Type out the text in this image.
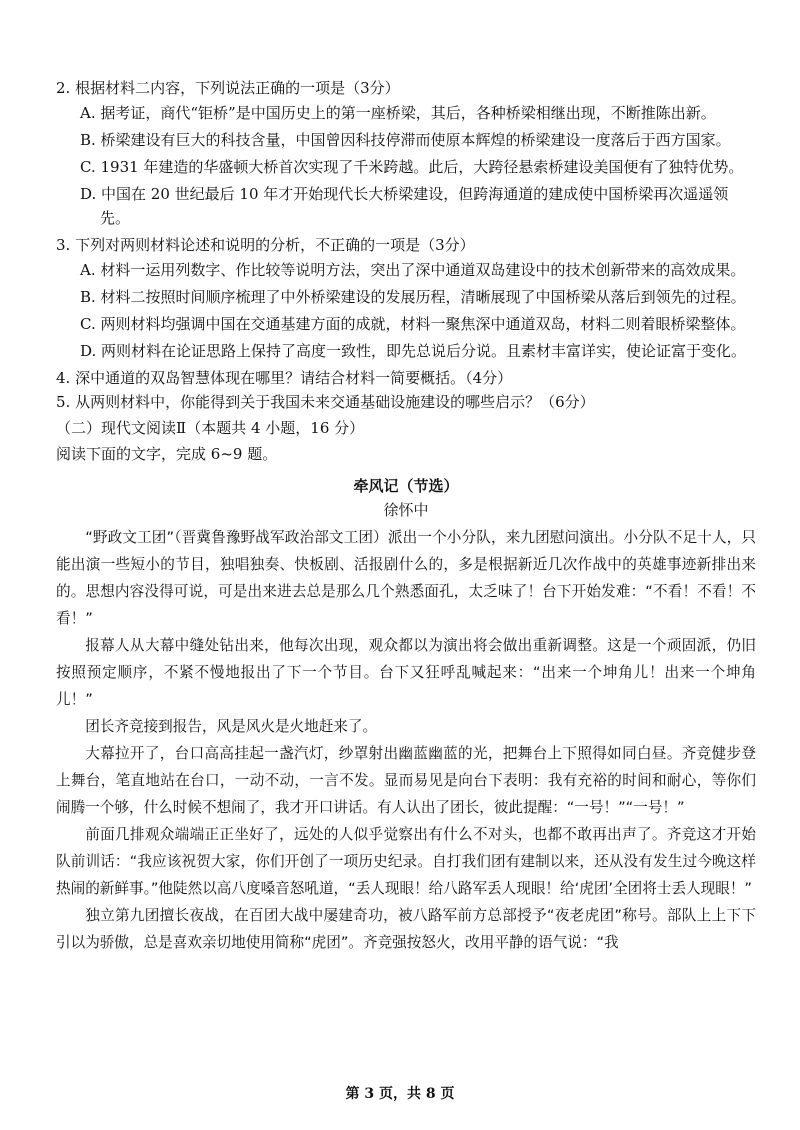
2. 根据材料二内容，下列说法正确的一项是（3分）

A. 据考证，商代“钜桥”是中国历史上的第一座桥梁，其后，各种桥梁相继出现，不断推陈出新。

B. 桥梁建设有巨大的科技含量，中国曾因科技停滞而使原本辉煌的桥梁建设一度落后于西方国家。

C. 1931 年建造的华盛顿大桥首次实现了千米跨越。此后，大跨径悬索桥建设美国便有了独特优势。

D. 中国在 20 世纪最后 10 年才开始现代长大桥梁建设，但跨海通道的建成使中国桥梁再次遥遥领先。

3. 下列对两则材料论述和说明的分析，不正确的一项是（3分）

A. 材料一运用列数字、作比较等说明方法，突出了深中通道双岛建设中的技术创新带来的高效成果。

B. 材料二按照时间顺序梳理了中外桥梁建设的发展历程，清晰展现了中国桥梁从落后到领先的过程。

C. 两则材料均强调中国在交通基建方面的成就，材料一聚焦深中通道双岛，材料二则着眼桥梁整体。

D. 两则材料在论证思路上保持了高度一致性，即先总说后分说。且素材丰富详实，使论证富于变化。

4. 深中通道的双岛智慧体现在哪里？请结合材料一简要概括。（4分）

5. 从两则材料中，你能得到关于我国未来交通基础设施建设的哪些启示？（6分）

（二）现代文阅读Ⅱ（本题共 4 小题，16 分）

阅读下面的文字，完成 6~9 题。

牵风记（节选）

徐怀中

“野政文工团”（晋冀鲁豫野战军政治部文工团）派出一个小分队，来九团慰问演出。小分队不足十人，只能出演一些短小的节目，独唱独奏、快板剧、活报剧什么的，多是根据新近几次作战中的英雄事迹新排出来的。思想内容没得可说，可是出来进去总是那么几个熟悉面孔，太乏味了！台下开始发难：“不看！不看！不看！”

报幕人从大幕中缝处钻出来，他每次出现，观众都以为演出将会做出重新调整。这是一个顽固派，仍旧按照预定顺序，不紧不慢地报出了下一个节目。台下又狂呼乱喊起来：“出来一个坤角儿！出来一个坤角儿！”

团长齐竞接到报告，风是风火是火地赶来了。

大幕拉开了，台口高高挂起一盏汽灯，纱罩射出幽蓝幽蓝的光，把舞台上下照得如同白昼。齐竞健步登上舞台，笔直地站在台口，一动不动，一言不发。显而易见是向台下表明：我有充裕的时间和耐心，等你们闹腾一个够，什么时候不想闹了，我才开口讲话。有人认出了团长，彼此提醒：“一号！”“一号！”

前面几排观众端端正正坐好了，远处的人似乎觉察出有什么不对头，也都不敢再出声了。齐竞这才开始队前训话：“我应该祝贺大家，你们开创了一项历史纪录。自打我们团有建制以来，还从没有发生过今晚这样热闹的新鲜事。”他陡然以高八度嗓音怒吼道，“丢人现眼！给八路军丢人现眼！给‘虎团’全团将士丢人现眼！”

独立第九团擅长夜战，在百团大战中屡建奇功，被八路军前方总部授予“夜老虎团”称号。部队上上下下引以为骄傲，总是喜欢亲切地使用简称“虎团”。齐竞强按怒火，改用平静的语气说：“我

第 3 页，共 8 页
